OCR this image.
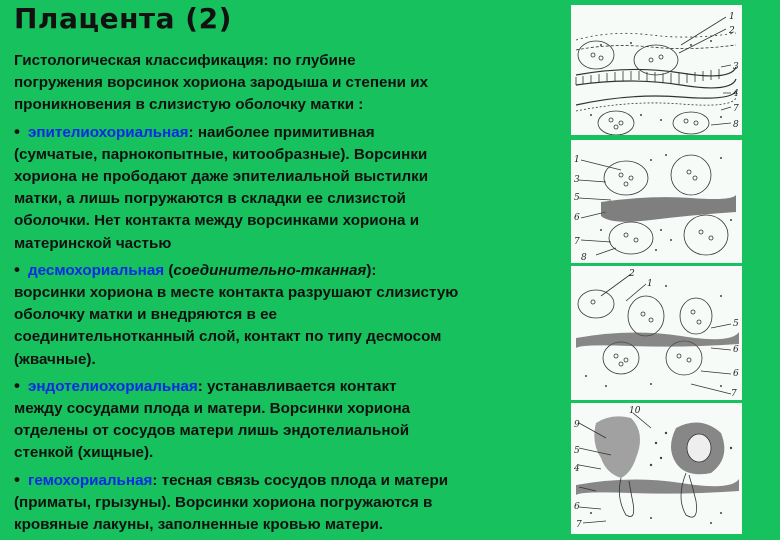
Плацента (2)
Гистологическая классификация: по глубине
погружения ворсинок хориона зародыша и степени их
проникновения в слизистую оболочку матки :
• эпителиохориальная: наиболее примитивная
(сумчатые, парнокопытные, китообразные). Ворсинки
хориона не прободают даже эпителиальной выстилки
матки, а лишь погружаются в складки ее слизистой
оболочки. Нет контакта между ворсинками хориона и
материнской частью
• десмохориальная (соединительно-тканная):
ворсинки хориона в месте контакта разрушают слизистую
оболочку матки и внедряются в ее
соединительнотканный слой, контакт по типу десмосом
(жвачные).
• эндотелиохориальная: устанавливается контакт
между сосудами плода и матери. Ворсинки хориона
отделены от сосудов матери лишь эндотелиальной
стенкой (хищные).
• гемохориальная: тесная связь сосудов плода и матери
(приматы, грызуны). Ворсинки хориона погружаются в
кровяные лакуны, заполненные кровью матери.
1
2
3
4
7
8
1
3
5
6
7
8
2
1
5
6
6
7
10
9
5
4
6
7
